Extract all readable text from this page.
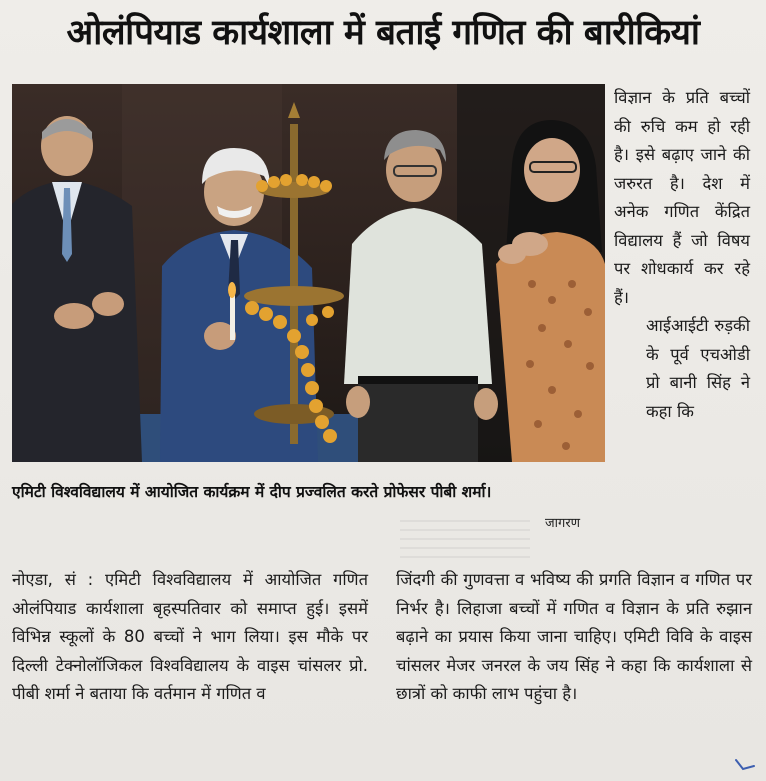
ओलंपियाड कार्यशाला में बताई गणित की बारीकियां
विज्ञान के प्रति बच्चों की रुचि कम हो रही है। इसे बढ़ाए जाने की जरुरत है। देश में अनेक गणित केंद्रित विद्यालय हैं जो विषय पर शोधकार्य कर रहे हैं।
आईआईटी रुड़की के पूर्व एचओडी प्रो बानी सिंह ने कहा कि
एमिटी विश्वविद्यालय में आयोजित कार्यक्रम में दीप प्रज्वलित करते प्रोफेसर पीबी शर्मा।
जागरण
नोएडा, सं : एमिटी विश्वविद्यालय में आयोजित गणित ओलंपियाड कार्यशाला बृहस्पतिवार को समाप्त हुई। इसमें विभिन्न स्कूलों के 80 बच्चों ने भाग लिया। इस मौके पर दिल्ली टेक्नोलॉजिकल विश्वविद्यालय के वाइस चांसलर प्रो. पीबी शर्मा ने बताया कि वर्तमान में गणित व
जिंदगी की गुणवत्ता व भविष्य की प्रगति विज्ञान व गणित पर निर्भर है। लिहाजा बच्चों में गणित व विज्ञान के प्रति रुझान बढ़ाने का प्रयास किया जाना चाहिए। एमिटी विवि के वाइस चांसलर मेजर जनरल के जय सिंह ने कहा कि कार्यशाला से छात्रों को काफी लाभ पहुंचा है।
